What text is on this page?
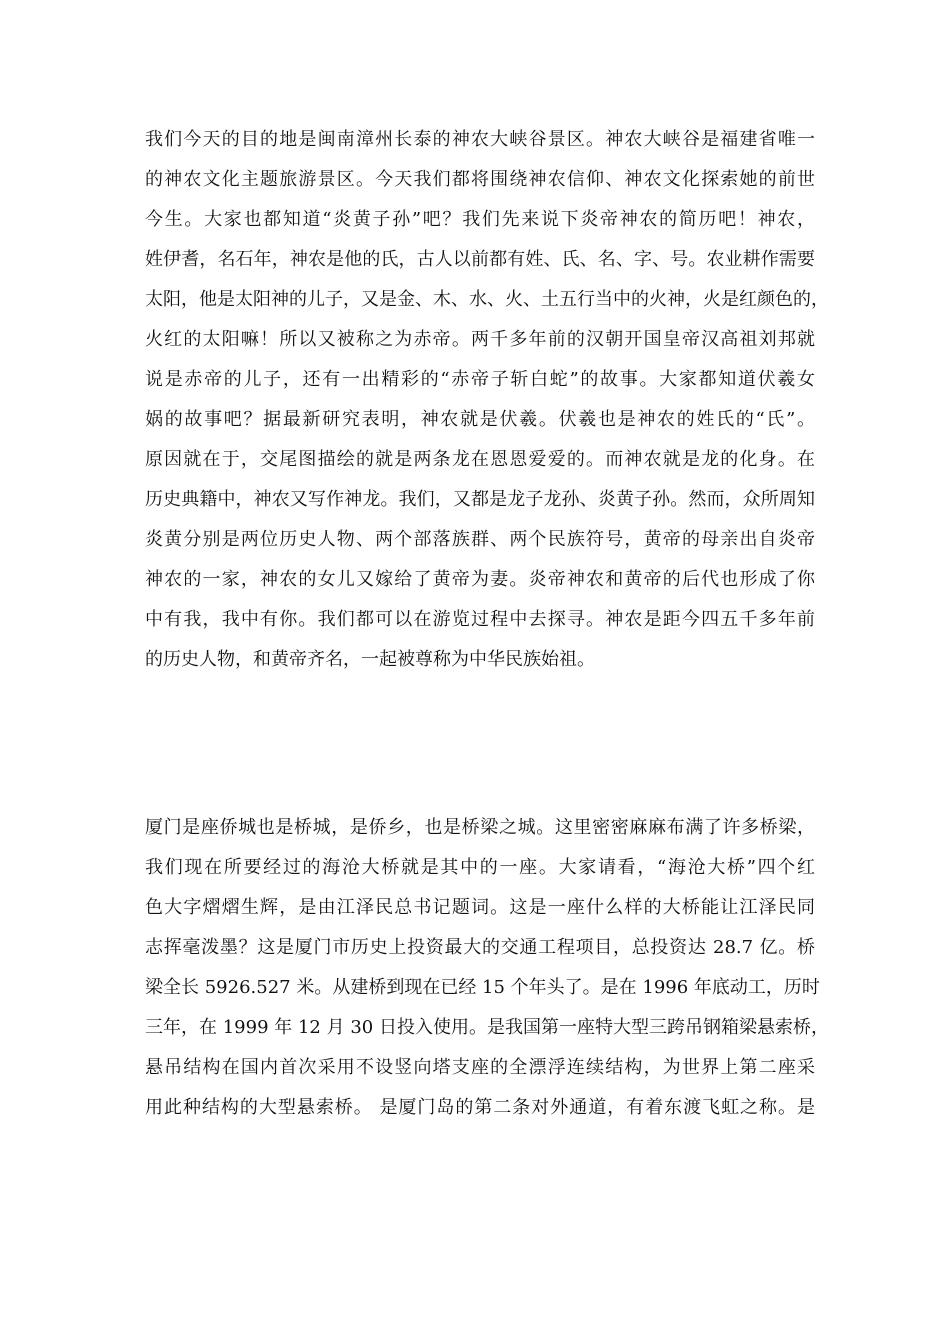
我们今天的目的地是闽南漳州长泰的神农大峡谷景区。神农大峡谷是福建省唯一
的神农文化主题旅游景区。今天我们都将围绕神农信仰、神农文化探索她的前世
今生。大家也都知道“炎黄子孙”吧？我们先来说下炎帝神农的简历吧！神农，
姓伊耆，名石年，神农是他的氏，古人以前都有姓、氏、名、字、号。农业耕作需要
太阳，他是太阳神的儿子，又是金、木、水、火、土五行当中的火神，火是红颜色的，
火红的太阳嘛！所以又被称之为赤帝。两千多年前的汉朝开国皇帝汉高祖刘邦就
说是赤帝的儿子，还有一出精彩的“赤帝子斩白蛇”的故事。大家都知道伏羲女
娲的故事吧？据最新研究表明，神农就是伏羲。伏羲也是神农的姓氏的“氏”。
原因就在于，交尾图描绘的就是两条龙在恩恩爱爱的。而神农就是龙的化身。在
历史典籍中，神农又写作神龙。我们，又都是龙子龙孙、炎黄子孙。然而，众所周知
炎黄分别是两位历史人物、两个部落族群、两个民族符号，黄帝的母亲出自炎帝
神农的一家，神农的女儿又嫁给了黄帝为妻。炎帝神农和黄帝的后代也形成了你
中有我，我中有你。我们都可以在游览过程中去探寻。神农是距今四五千多年前
的历史人物，和黄帝齐名，一起被尊称为中华民族始祖。
厦门是座侨城也是桥城，是侨乡，也是桥梁之城。这里密密麻麻布满了许多桥梁，
我们现在所要经过的海沧大桥就是其中的一座。大家请看，“海沧大桥”四个红
色大字熠熠生辉，是由江泽民总书记题词。这是一座什么样的大桥能让江泽民同
志挥毫泼墨？这是厦门市历史上投资最大的交通工程项目，总投资达 28.7 亿。桥
梁全长 5926.527 米。从建桥到现在已经 15 个年头了。是在 1996 年底动工，历时
三年，在 1999 年 12 月 30 日投入使用。是我国第一座特大型三跨吊钢箱梁悬索桥，
悬吊结构在国内首次采用不设竖向塔支座的全漂浮连续结构，为世界上第二座采
用此种结构的大型悬索桥。 是厦门岛的第二条对外通道，有着东渡飞虹之称。是
